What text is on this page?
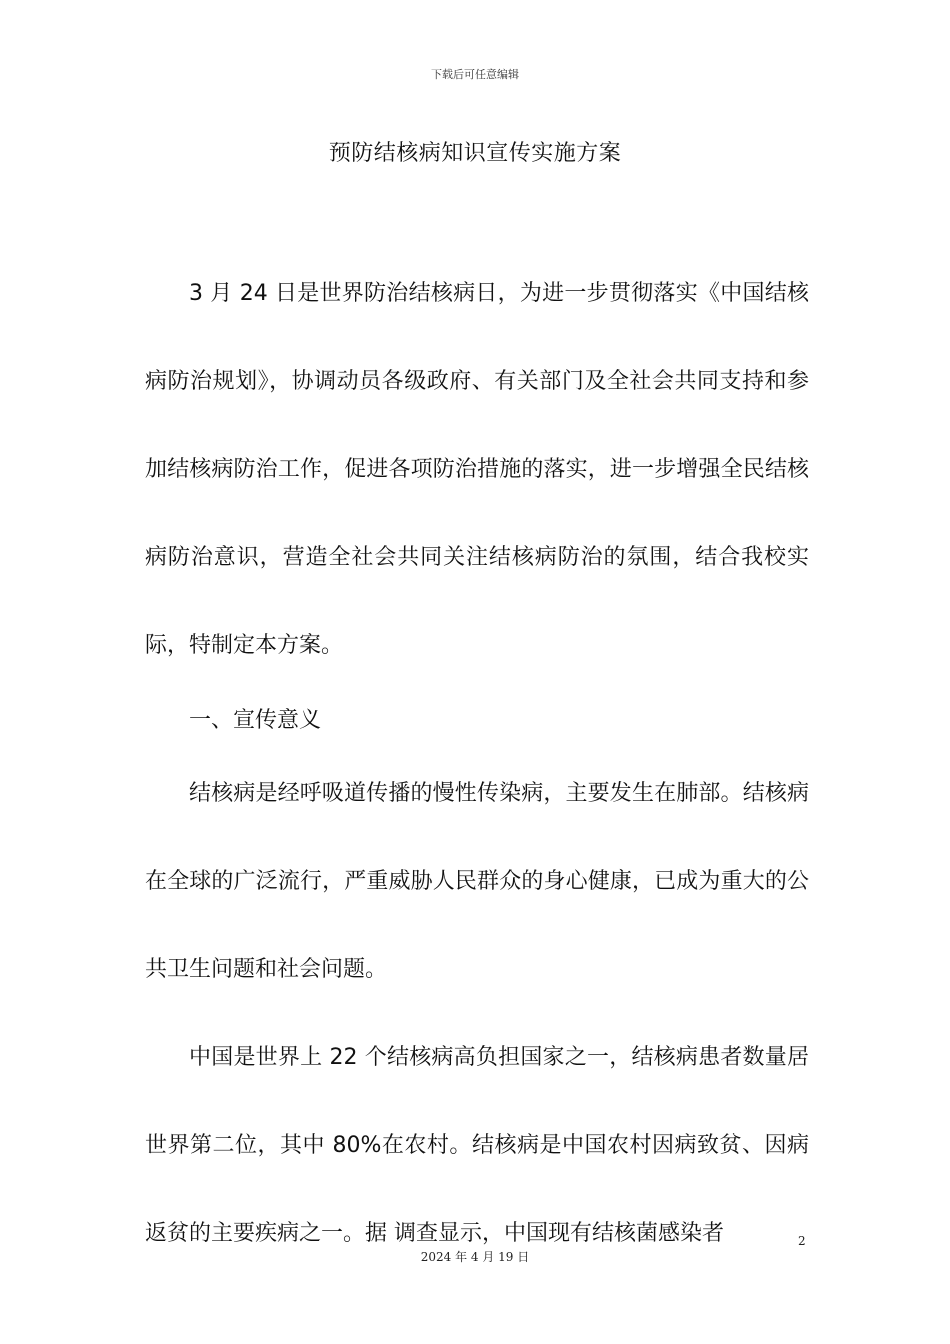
下载后可任意编辑
预防结核病知识宣传实施方案

3 月 24 日是世界防治结核病日，为进一步贯彻落实《中国结核病防治规划》，协调动员各级政府、有关部门及全社会共同支持和参加结核病防治工作，促进各项防治措施的落实，进一步增强全民结核病防治意识，营造全社会共同关注结核病防治的氛围，结合我校实际，特制定本方案。

一、宣传意义

结核病是经呼吸道传播的慢性传染病，主要发生在肺部。结核病在全球的广泛流行，严重威胁人民群众的身心健康，已成为重大的公共卫生问题和社会问题。

中国是世界上 22 个结核病高负担国家之一，结核病患者数量居世界第二位，其中 80%在农村。结核病是中国农村因病致贫、因病返贫的主要疾病之一。据 调查显示，中国现有结核菌感染者	2
2024 年 4 月 19 日
